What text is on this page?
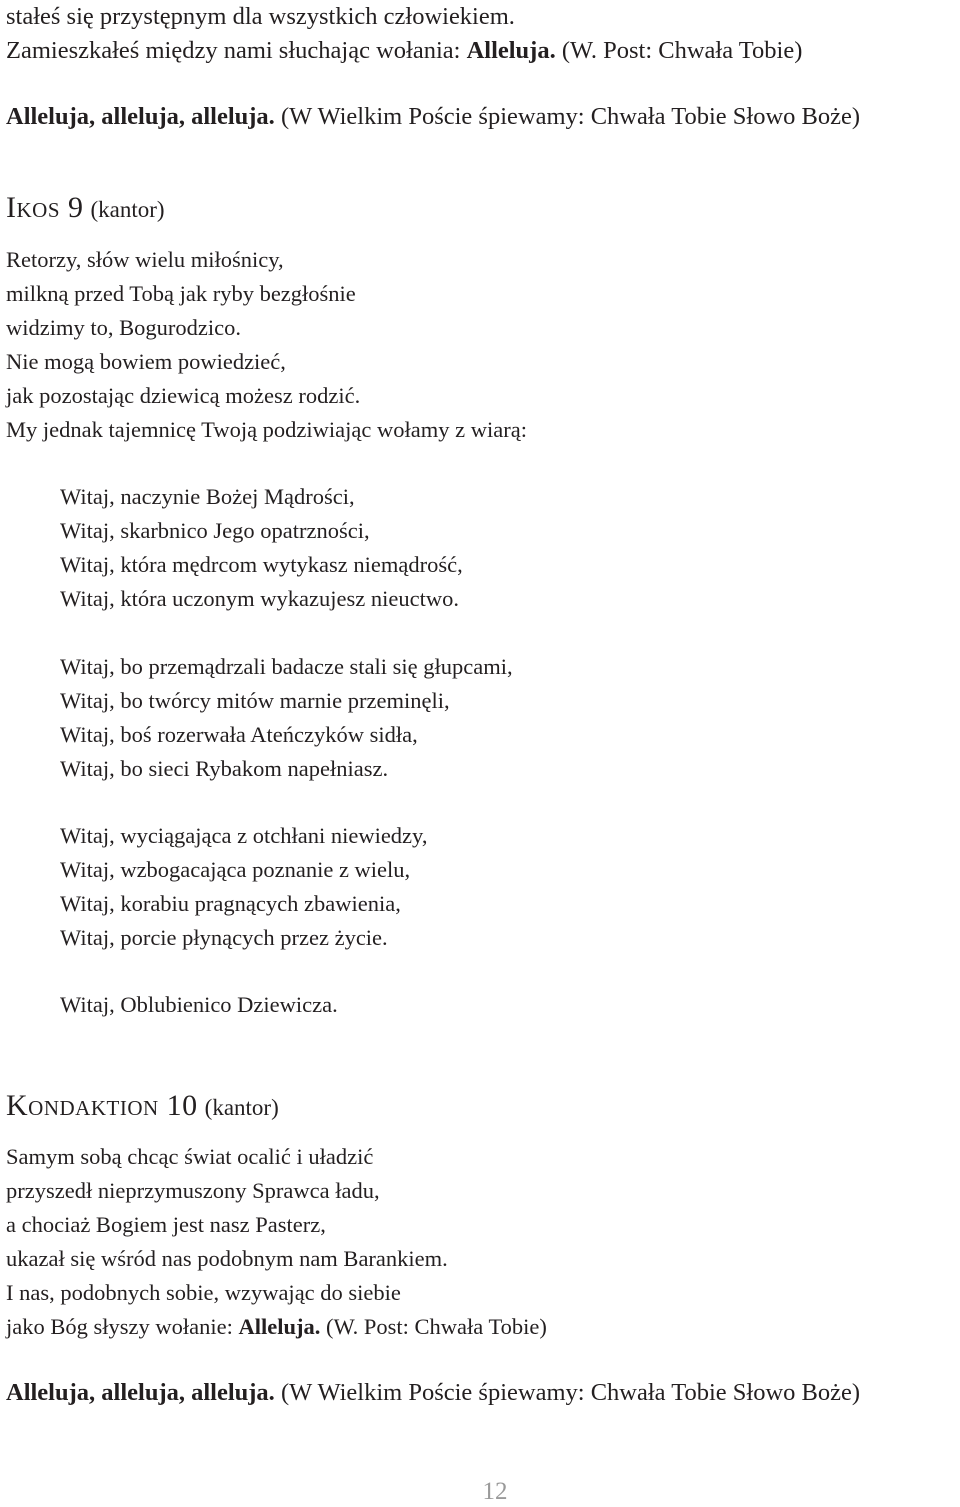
stałeś się przystępnym dla wszystkich człowiekiem.
Zamieszkałeś między nami słuchając wołania: Alleluja. (W. Post: Chwała Tobie)
Alleluja, alleluja, alleluja. (W Wielkim Poście śpiewamy: Chwała Tobie Słowo Boże)
Ikos 9 (kantor)
Retorzy, słów wielu miłośnicy,
milkną przed Tobą jak ryby bezgłośnie
widzimy to, Bogurodzico.
Nie mogą bowiem powiedzieć,
jak pozostając dziewicą możesz rodzić.
My jednak tajemnicę Twoją podziwiając wołamy z wiarą:
Witaj, naczynie Bożej Mądrości,
Witaj, skarbnico Jego opatrzności,
Witaj, która mędrcom wytykasz niemądrość,
Witaj, która uczonym wykazujesz nieuctwo.
Witaj, bo przemądrzali badacze stali się głupcami,
Witaj, bo twórcy mitów marnie przeminęli,
Witaj, boś rozerwała Ateńczyków sidła,
Witaj, bo sieci Rybakom napełniasz.
Witaj, wyciągająca z otchłani niewiedzy,
Witaj, wzbogacająca poznanie z wielu,
Witaj, korabiu pragnących zbawienia,
Witaj, porcie płynących przez życie.
Witaj, Oblubienico Dziewicza.
Kondaktion 10 (kantor)
Samym sobą chcąc świat ocalić i uładzić
przyszedł nieprzymuszony Sprawca ładu,
a chociaż Bogiem jest nasz Pasterz,
ukazał się wśród nas podobnym nam Barankiem.
I nas, podobnych sobie, wzywając do siebie
jako Bóg słyszy wołanie: Alleluja. (W. Post: Chwała Tobie)
Alleluja, alleluja, alleluja. (W Wielkim Poście śpiewamy: Chwała Tobie Słowo Boże)
12
